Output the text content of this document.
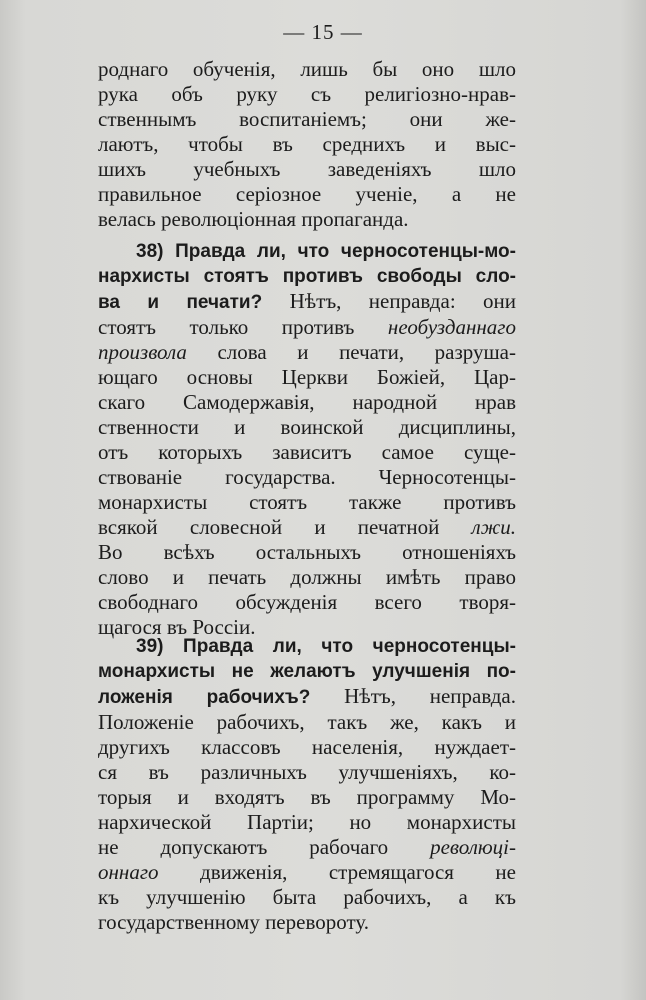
— 15 —
роднаго обученія, лишь бы оно шло
рука объ руку съ религіозно-нрав-
ственнымъ воспитаніемъ; они же-
лаютъ, чтобы въ среднихъ и выс-
шихъ учебныхъ заведеніяхъ шло
правильное серіозное ученіе, а не
велась революціонная пропаганда.
38) Правда ли, что черносотенцы-мо-
нархисты стоятъ противъ свободы сло-
ва и печати? Нѣтъ, неправда: они
стоятъ только противъ необузданнаго
произвола слова и печати, разруша-
ющаго основы Церкви Божіей, Цар-
скаго Самодержавія, народной нрав
ственности и воинской дисциплины,
отъ которыхъ зависитъ самое суще-
ствованіе государства. Черносотенцы-
монархисты стоятъ также противъ
всякой словесной и печатной лжи.
Во всѣхъ остальныхъ отношеніяхъ
слово и печать должны имѣть право
свободнаго обсужденія всего творя-
щагося въ Россіи.
39) Правда ли, что черносотенцы-
монархисты не желаютъ улучшенія по-
ложенія рабочихъ? Нѣтъ, неправда.
Положеніе рабочихъ, такъ же, какъ и
другихъ классовъ населенія, нуждает-
ся въ различныхъ улучшеніяхъ, ко-
торыя и входятъ въ программу Мо-
нархической Партіи; но монархисты
не допускаютъ рабочаго революці-
оннаго движенія, стремящагося не
къ улучшенію быта рабочихъ, а къ
государственному перевороту.
